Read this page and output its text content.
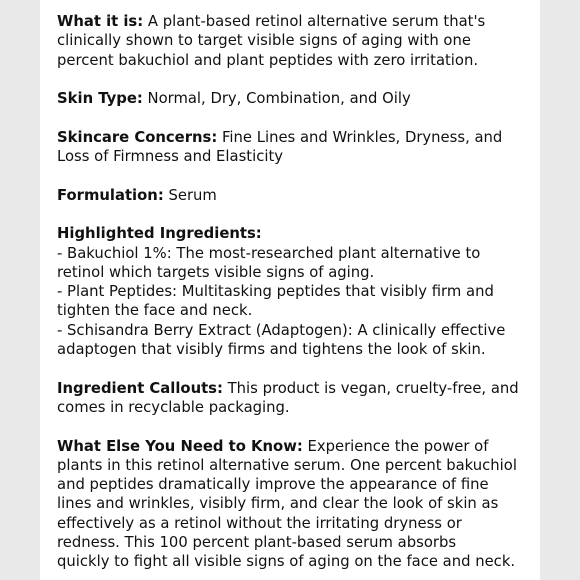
What it is: A plant-based retinol alternative serum that's
clinically shown to target visible signs of aging with one
percent bakuchiol and plant peptides with zero irritation.
Skin Type: Normal, Dry, Combination, and Oily
Skincare Concerns: Fine Lines and Wrinkles, Dryness, and
Loss of Firmness and Elasticity
Formulation: Serum
Highlighted Ingredients:
- Bakuchiol 1%: The most-researched plant alternative to
retinol which targets visible signs of aging.
- Plant Peptides: Multitasking peptides that visibly firm and
tighten the face and neck.
- Schisandra Berry Extract (Adaptogen): A clinically effective
adaptogen that visibly firms and tightens the look of skin.
Ingredient Callouts: This product is vegan, cruelty-free, and
comes in recyclable packaging.
What Else You Need to Know: Experience the power of
plants in this retinol alternative serum. One percent bakuchiol
and peptides dramatically improve the appearance of fine
lines and wrinkles, visibly firm, and clear the look of skin as
effectively as a retinol without the irritating dryness or
redness. This 100 percent plant-based serum absorbs
quickly to fight all visible signs of aging on the face and neck.
